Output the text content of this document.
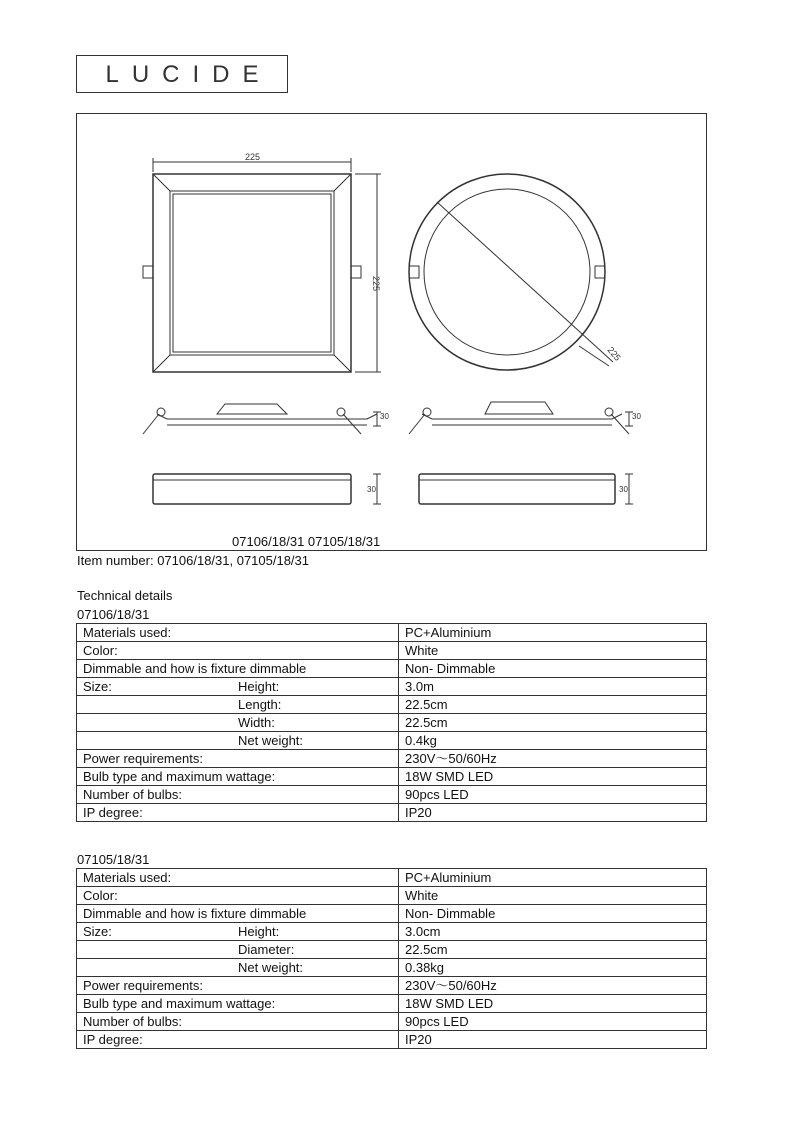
LUCIDE
225
225
225
30	30
30	30
07106/18/31 07105/18/31
Item number: 07106/18/31, 07105/18/31
Technical details
07106/18/31
Materials used:	PC+Aluminium
Color:	White
Dimmable and how is fixture dimmable	Non- Dimmable
Size: Height:	3.0m

Length:	22.5cm

Width:	22.5cm

Net weight:	0.4kg
Power requirements:	230V～50/60Hz
Bulb type and maximum wattage:	18W SMD LED
Number of bulbs:	90pcs LED
IP degree:	IP20
07105/18/31
Materials used:	PC+Aluminium
Color:	White
Dimmable and how is fixture dimmable	Non- Dimmable
Size: Height:	3.0cm

Diameter:	22.5cm

Net weight:	0.38kg
Power requirements:	230V～50/60Hz
Bulb type and maximum wattage:	18W SMD LED
Number of bulbs:	90pcs LED
IP degree:	IP20
